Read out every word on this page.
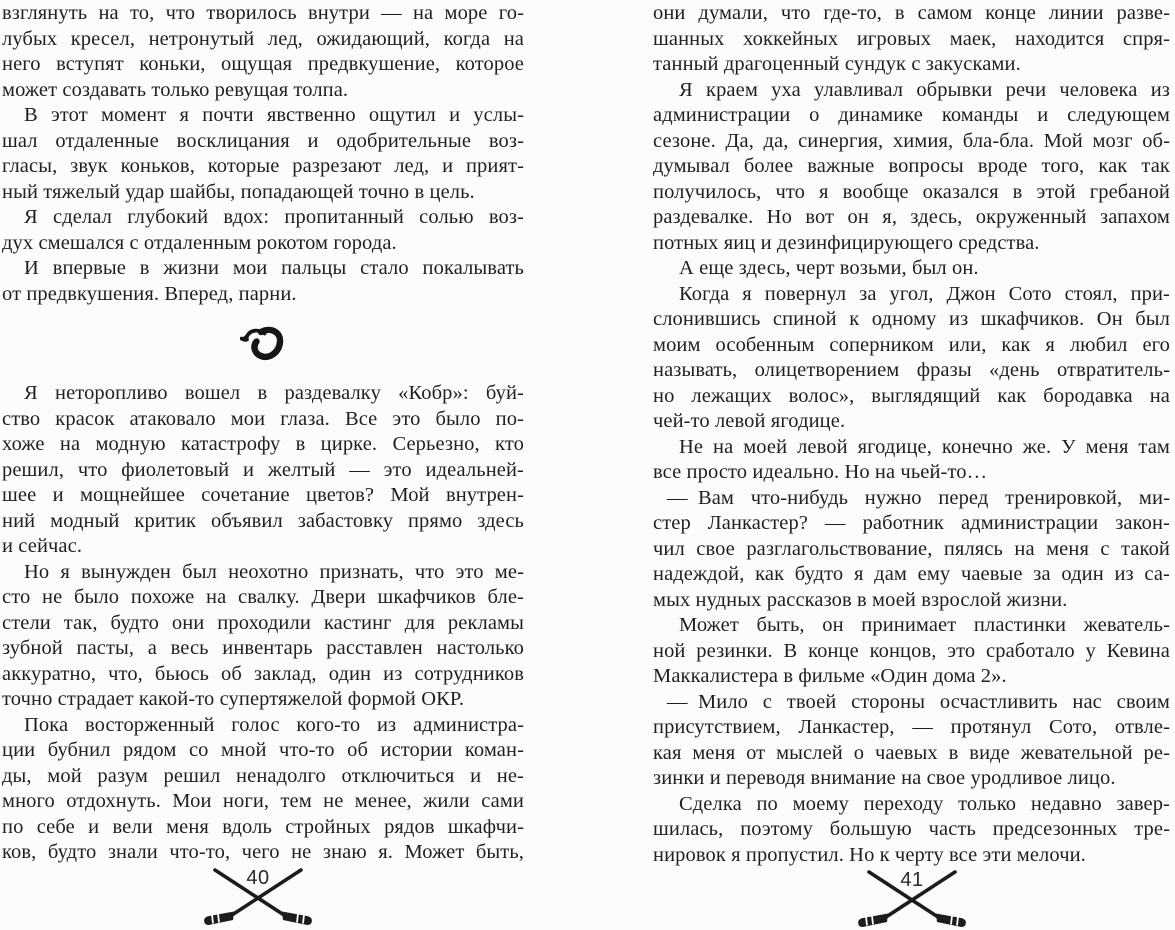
взглянуть на то, что творилось внутри — на море го-
лубых кресел, нетронутый лед, ожидающий, когда на
него вступят коньки, ощущая предвкушение, которое
может создавать только ревущая толпа.
В этот момент я почти явственно ощутил и услы-
шал отдаленные восклицания и одобрительные воз-
гласы, звук коньков, которые разрезают лед, и прият-
ный тяжелый удар шайбы, попадающей точно в цель.
Я сделал глубокий вдох: пропитанный солью воз-
дух смешался с отдаленным рокотом города.
И впервые в жизни мои пальцы стало покалывать
от предвкушения. Вперед, парни.
Я неторопливо вошел в раздевалку «Кобр»: буй-
ство красок атаковало мои глаза. Все это было по-
хоже на модную катастрофу в цирке. Серьезно, кто
решил, что фиолетовый и желтый — это идеальней-
шее и мощнейшее сочетание цветов? Мой внутрен-
ний модный критик объявил забастовку прямо здесь
и сейчас.
Но я вынужден был неохотно признать, что это ме-
сто не было похоже на свалку. Двери шкафчиков бле-
стели так, будто они проходили кастинг для рекламы
зубной пасты, а весь инвентарь расставлен настолько
аккуратно, что, бьюсь об заклад, один из сотрудников
точно страдает какой-то супертяжелой формой ОКР.
Пока восторженный голос кого-то из администра-
ции бубнил рядом со мной что-то об истории коман-
ды, мой разум решил ненадолго отключиться и не-
много отдохнуть. Мои ноги, тем не менее, жили сами
по себе и вели меня вдоль стройных рядов шкафчи-
ков, будто знали что-то, чего не знаю я. Может быть,
они думали, что где-то, в самом конце линии разве-
шанных хоккейных игровых маек, находится спря-
танный драгоценный сундук с закусками.
Я краем уха улавливал обрывки речи человека из
администрации о динамике команды и следующем
сезоне. Да, да, синергия, химия, бла-бла. Мой мозг об-
думывал более важные вопросы вроде того, как так
получилось, что я вообще оказался в этой гребаной
раздевалке. Но вот он я, здесь, окруженный запахом
потных яиц и дезинфицирующего средства.
А еще здесь, черт возьми, был он.
Когда я повернул за угол, Джон Сото стоял, при-
слонившись спиной к одному из шкафчиков. Он был
моим особенным соперником или, как я любил его
называть, олицетворением фразы «день отвратитель-
но лежащих волос», выглядящий как бородавка на
чей-то левой ягодице.
Не на моей левой ягодице, конечно же. У меня там
все просто идеально. Но на чьей-то…
— Вам что-нибудь нужно перед тренировкой, ми-
стер Ланкастер? — работник администрации закон-
чил свое разглагольствование, пялясь на меня с такой
надеждой, как будто я дам ему чаевые за один из са-
мых нудных рассказов в моей взрослой жизни.
Может быть, он принимает пластинки жеватель-
ной резинки. В конце концов, это сработало у Кевина
Маккалистера в фильме «Один дома 2».
— Мило с твоей стороны осчастливить нас своим
присутствием, Ланкастер, — протянул Сото, отвле-
кая меня от мыслей о чаевых в виде жевательной ре-
зинки и переводя внимание на свое уродливое лицо.
Сделка по моему переходу только недавно завер-
шилась, поэтому большую часть предсезонных тре-
нировок я пропустил. Но к черту все эти мелочи.
40	41
